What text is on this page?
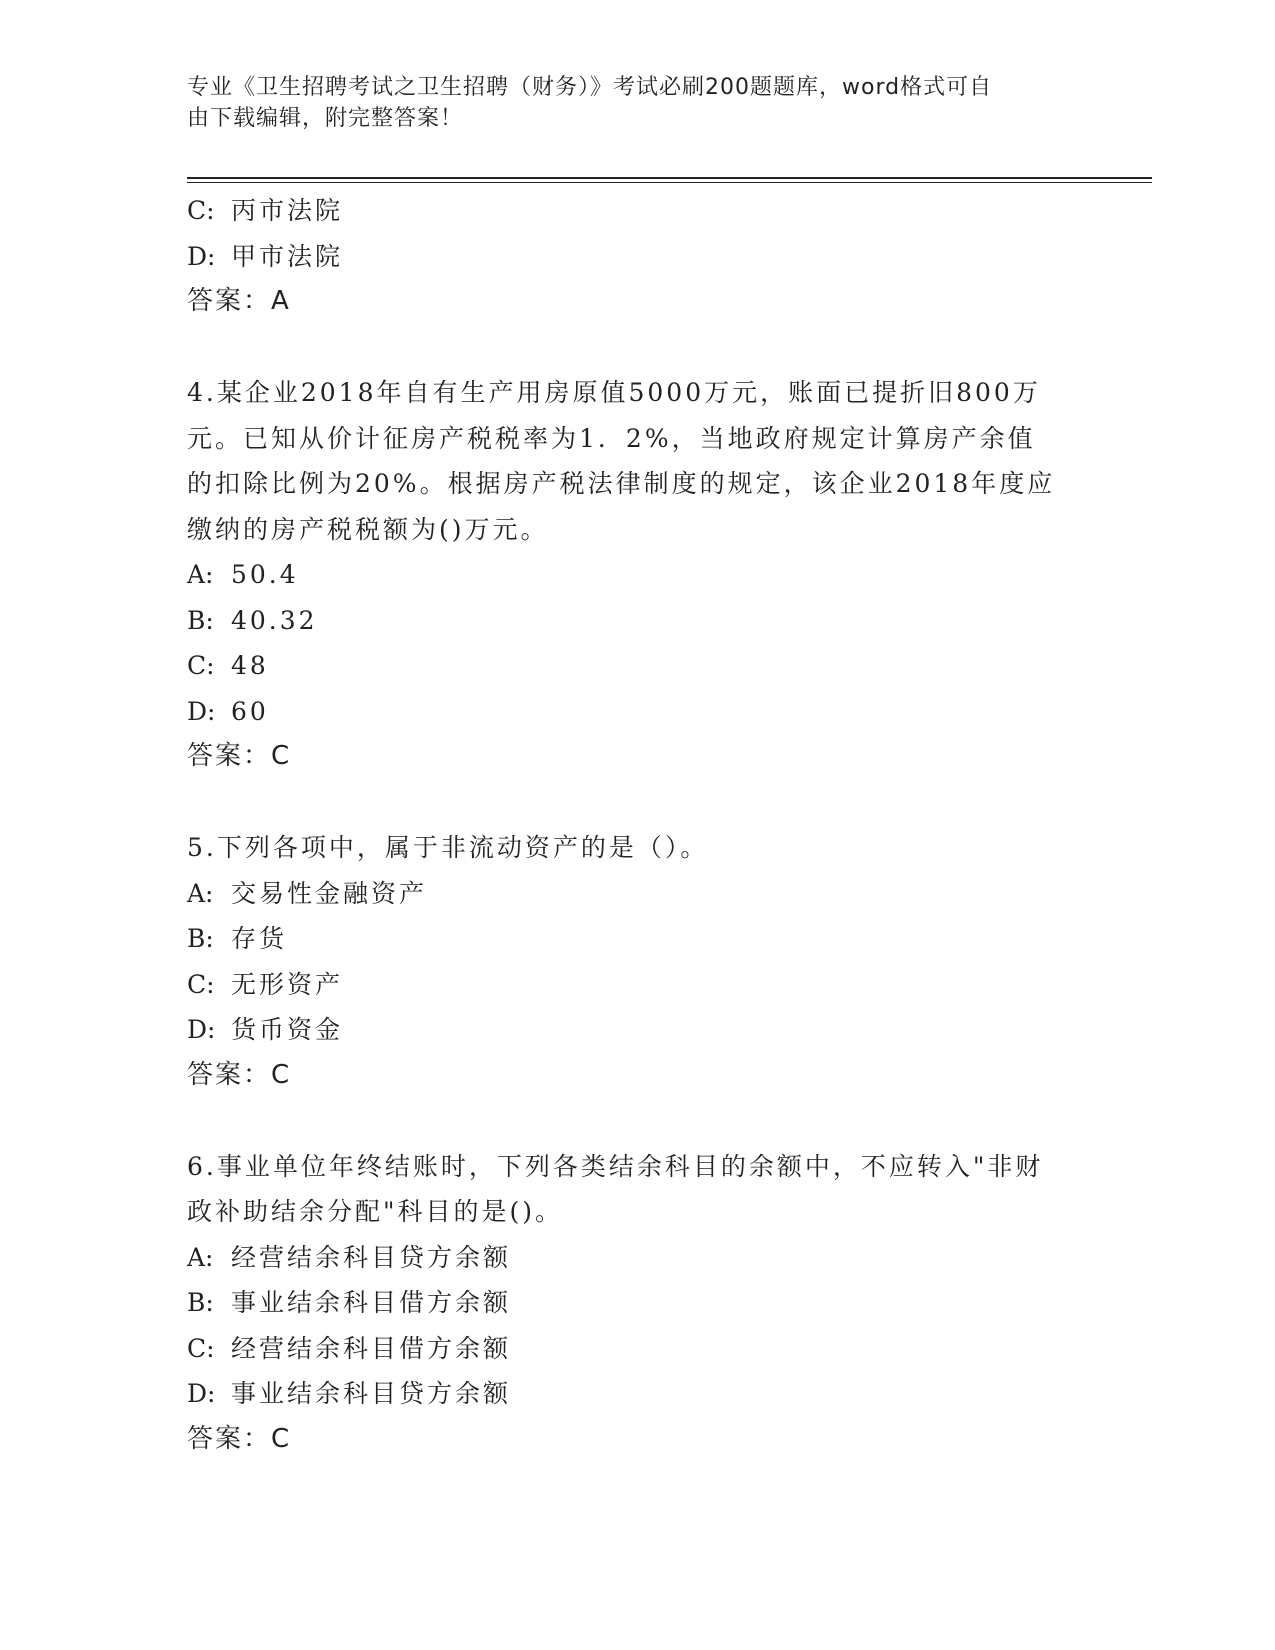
专业《卫生招聘考试之卫生招聘（财务）》考试必刷200题题库，word格式可自
由下载编辑，附完整答案！
C: 丙市法院
D: 甲市法院
答案：A
4.某企业2018年自有生产用房原值5000万元，账面已提折旧800万
元。已知从价计征房产税税率为1．2%，当地政府规定计算房产余值
的扣除比例为20%。根据房产税法律制度的规定，该企业2018年度应
缴纳的房产税税额为()万元。
A: 50.4
B: 40.32
C: 48
D: 60
答案：C
5.下列各项中，属于非流动资产的是（）。
A: 交易性金融资产
B: 存货
C: 无形资产
D: 货币资金
答案：C
6.事业单位年终结账时，下列各类结余科目的余额中，不应转入"非财
政补助结余分配"科目的是()。
A: 经营结余科目贷方余额
B: 事业结余科目借方余额
C: 经营结余科目借方余额
D: 事业结余科目贷方余额
答案：C
